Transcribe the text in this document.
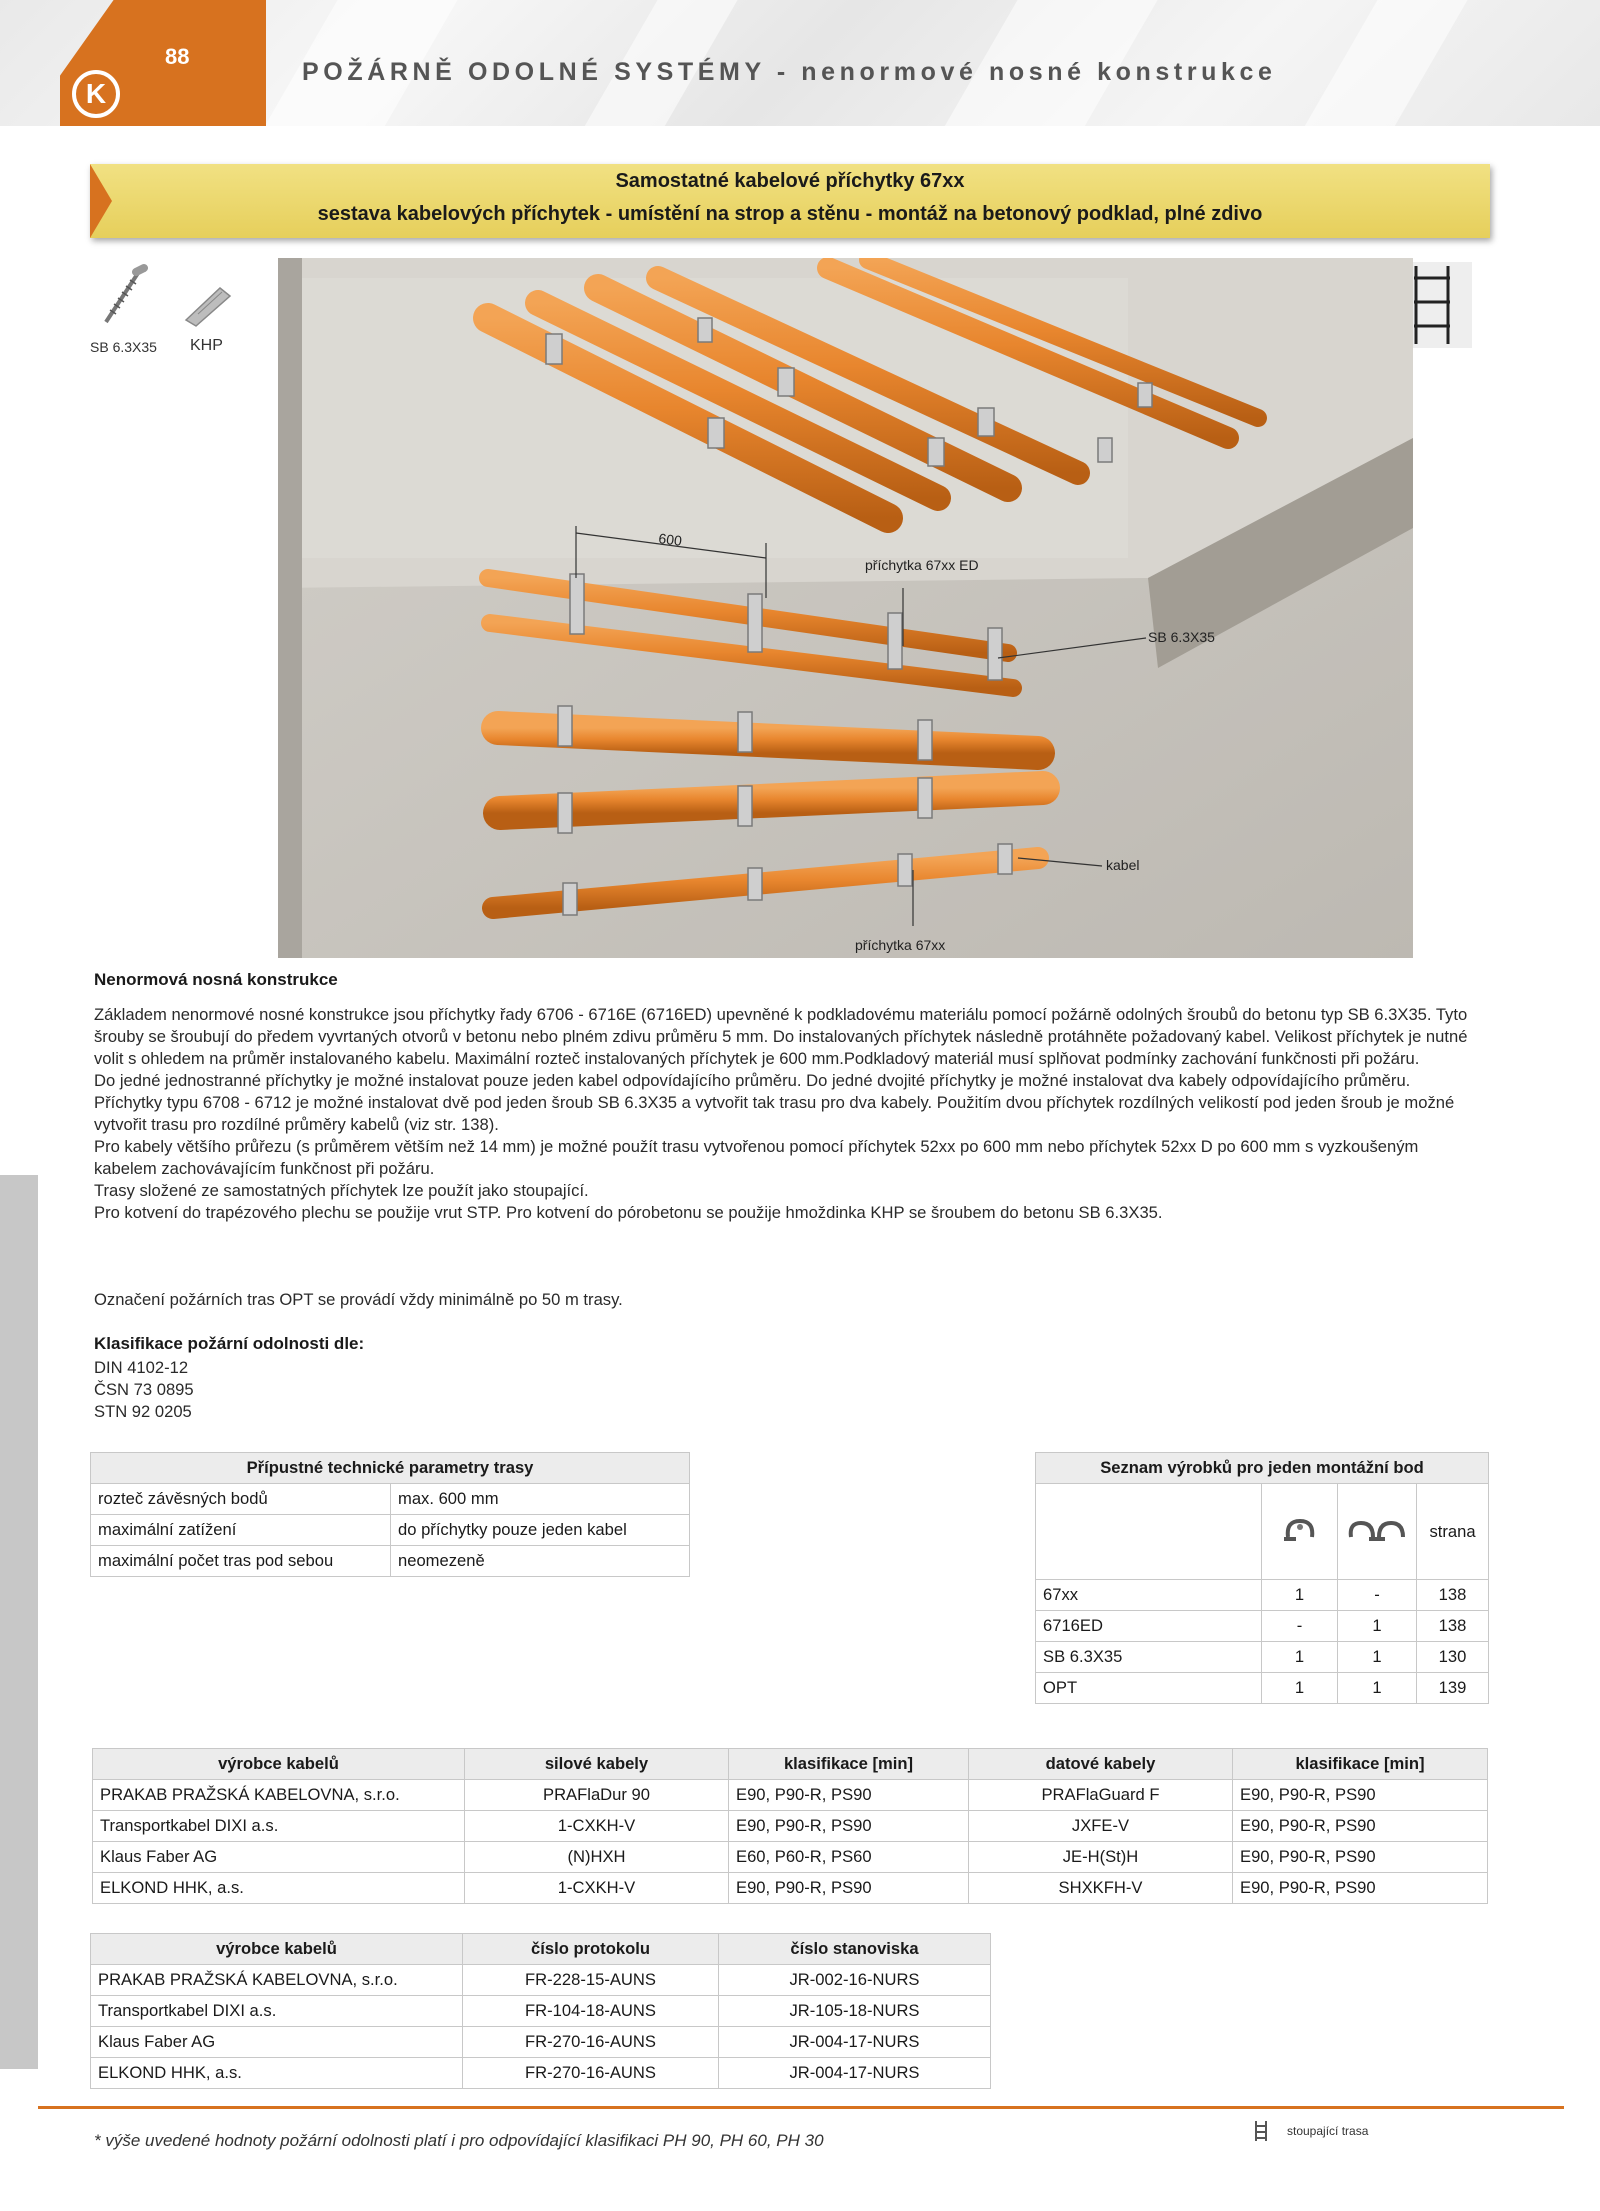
88
K
POŽÁRNĚ ODOLNÉ SYSTÉMY - nenormové nosné konstrukce
Samostatné kabelové příchytky 67xx
sestava kabelových příchytek - umístění na strop a stěnu - montáž na betonový podklad, plné zdivo
SB 6.3X35 KHP
600
příchytka 67xx ED
SB 6.3X35
kabel
příchytka 67xx
Nenormová nosná konstrukce

Základem nenormové nosné konstrukce jsou příchytky řady 6706 - 6716E (6716ED) upevněné k podkladovému materiálu pomocí požárně odolných šroubů do betonu typ SB 6.3X35. Tyto šrouby se šroubují do předem vyvrtaných otvorů v betonu nebo plném zdivu průměru 5 mm. Do instalovaných příchytek následně protáhněte požadovaný kabel. Velikost příchytek je nutné volit s ohledem na průměr instalovaného kabelu. Maximální rozteč instalovaných příchytek je 600 mm.Podkladový materiál musí splňovat podmínky zachování funkčnosti při požáru.

Do jedné jednostranné příchytky je možné instalovat pouze jeden kabel odpovídajícího průměru. Do jedné dvojité příchytky je možné instalovat dva kabely odpovídajícího průměru.

Příchytky typu 6708 - 6712 je možné instalovat dvě pod jeden šroub SB 6.3X35 a vytvořit tak trasu pro dva kabely. Použitím dvou příchytek rozdílných velikostí pod jeden šroub je možné vytvořit trasu pro rozdílné průměry kabelů (viz str. 138).

Pro kabely většího průřezu (s průměrem větším než 14 mm) je možné použít trasu vytvořenou pomocí příchytek 52xx po 600 mm nebo příchytek 52xx D po 600 mm s vyzkoušeným kabelem zachovávajícím funkčnost při požáru.

Trasy složené ze samostatných příchytek lze použít jako stoupající.

Pro kotvení do trapézového plechu se použije vrut STP. Pro kotvení do pórobetonu se použije hmoždinka KHP se šroubem do betonu SB 6.3X35.

Označení požárních tras OPT se provádí vždy minimálně po 50 m trasy.
Klasifikace požární odolnosti dle:
DIN 4102-12
ČSN 73 0895
STN 92 0205
Přípustné technické parametry trasy	
rozteč závěsných bodů	max. 600 mm
maximální zatížení	do příchytky pouze jeden kabel
maximální počet tras pod sebou	neomezeně
Seznam výrobků pro jeden montážní bod			
			strana
67xx	1	-	138
6716ED	-	1	138
SB 6.3X35	1	1	130
OPT	1	1	139
výrobce kabelů	silové kabely	klasifikace [min]	datové kabely	klasifikace [min]
PRAKAB PRAŽSKÁ KABELOVNA, s.r.o.	PRAFlaDur 90	E90, P90-R, PS90	PRAFlaGuard F	E90, P90-R, PS90
Transportkabel DIXI a.s.	1-CXKH-V	E90, P90-R, PS90	JXFE-V	E90, P90-R, PS90
Klaus Faber AG	(N)HXH	E60, P60-R, PS60	JE-H(St)H	E90, P90-R, PS90
ELKOND HHK, a.s.	1-CXKH-V	E90, P90-R, PS90	SHXKFH-V	E90, P90-R, PS90
výrobce kabelů	číslo protokolu	číslo stanoviska
PRAKAB PRAŽSKÁ KABELOVNA, s.r.o.	FR-228-15-AUNS	JR-002-16-NURS
Transportkabel DIXI a.s.	FR-104-18-AUNS	JR-105-18-NURS
Klaus Faber AG	FR-270-16-AUNS	JR-004-17-NURS
ELKOND HHK, a.s.	FR-270-16-AUNS	JR-004-17-NURS
* výše uvedené hodnoty požární odolnosti platí i pro odpovídající klasifikaci PH 90, PH 60, PH 30	stoupající trasa
